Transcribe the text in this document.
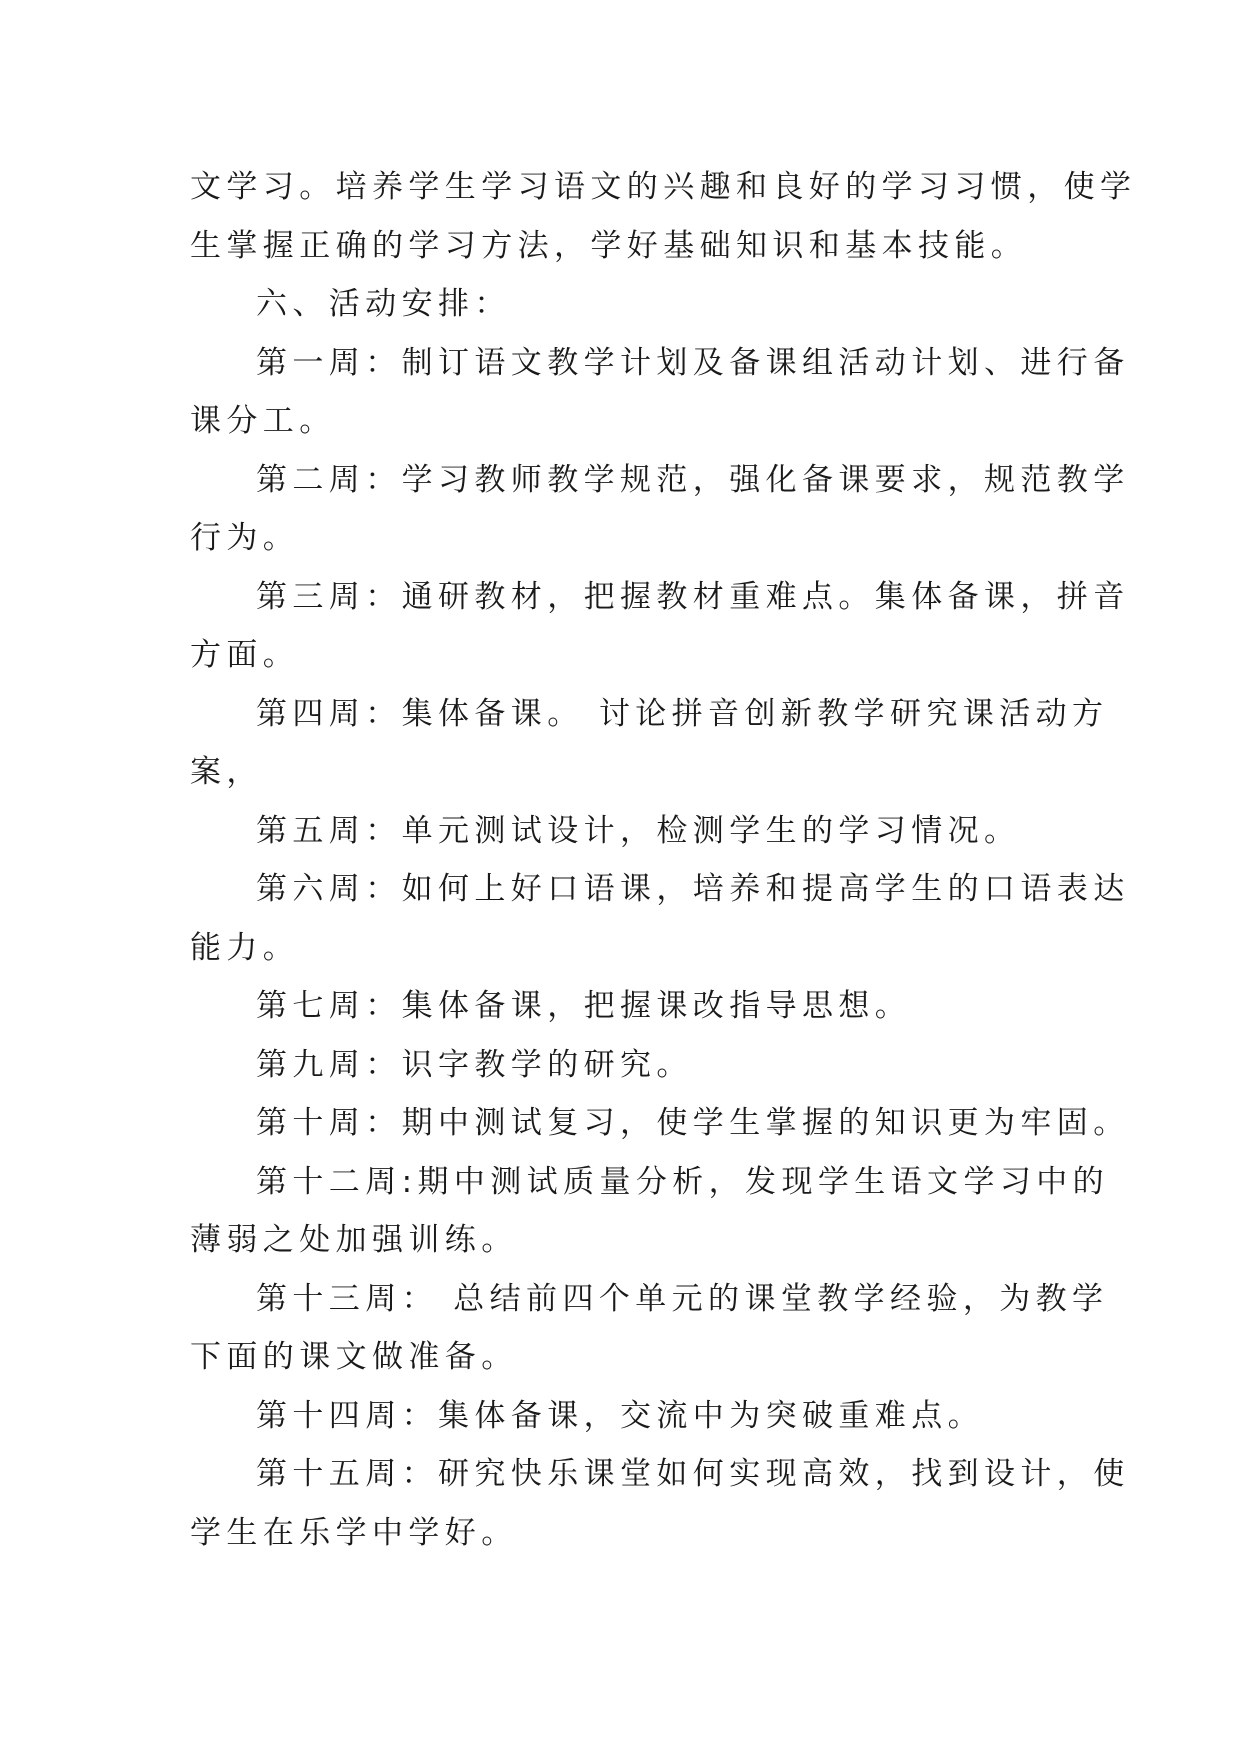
文学习。培养学生学习语文的兴趣和良好的学习习惯，使学
生掌握正确的学习方法，学好基础知识和基本技能。
六、活动安排：
第一周：制订语文教学计划及备课组活动计划、进行备
课分工。
第二周：学习教师教学规范，强化备课要求，规范教学
行为。
第三周：通研教材，把握教材重难点。集体备课，拼音
方面。
第四周：集体备课。 讨论拼音创新教学研究课活动方
案，
第五周：单元测试设计，检测学生的学习情况。
第六周：如何上好口语课，培养和提高学生的口语表达
能力。
第七周：集体备课，把握课改指导思想。
第九周：识字教学的研究。
第十周：期中测试复习，使学生掌握的知识更为牢固。
第十二周:期中测试质量分析，发现学生语文学习中的
薄弱之处加强训练。
第十三周： 总结前四个单元的课堂教学经验，为教学
下面的课文做准备。
第十四周：集体备课，交流中为突破重难点。
第十五周：研究快乐课堂如何实现高效，找到设计，使
学生在乐学中学好。
